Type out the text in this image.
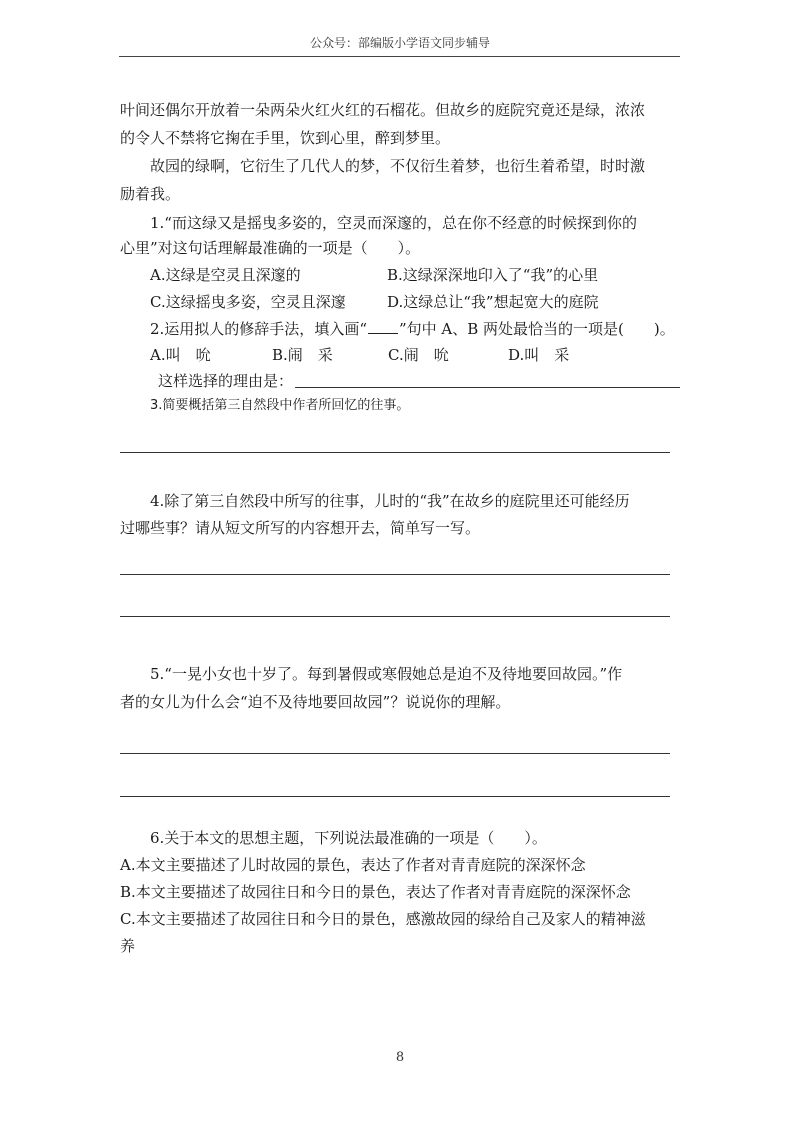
公众号：部编版小学语文同步辅导
叶间还偶尔开放着一朵两朵火红火红的石榴花。但故乡的庭院究竟还是绿，浓浓
的令人不禁将它掬在手里，饮到心里，醉到梦里。
故园的绿啊，它衍生了几代人的梦，不仅衍生着梦，也衍生着希望，时时激
励着我。
1.“而这绿又是摇曳多姿的，空灵而深邃的，总在你不经意的时候探到你的
心里”对这句话理解最准确的一项是（　　）。
A.这绿是空灵且深邃的	B.这绿深深地印入了“我”的心里
C.这绿摇曳多姿，空灵且深邃	D.这绿总让“我”想起宽大的庭院
2.运用拟人的修辞手法，填入画“ ”句中 A、B 两处最恰当的一项是(　　)。
A.叫　吮	B.闹　采	C.闹　吮	D.叫　采
这样选择的理由是：
3.简要概括第三自然段中作者所回忆的往事。
4.除了第三自然段中所写的往事，儿时的“我”在故乡的庭院里还可能经历
过哪些事？请从短文所写的内容想开去，简单写一写。
5.“一晃小女也十岁了。每到暑假或寒假她总是迫不及待地要回故园。”作
者的女儿为什么会“迫不及待地要回故园”？说说你的理解。
6.关于本文的思想主题，下列说法最准确的一项是（　　）。
A.本文主要描述了儿时故园的景色，表达了作者对青青庭院的深深怀念
B.本文主要描述了故园往日和今日的景色，表达了作者对青青庭院的深深怀念
C.本文主要描述了故园往日和今日的景色，感激故园的绿给自己及家人的精神滋
养
8
